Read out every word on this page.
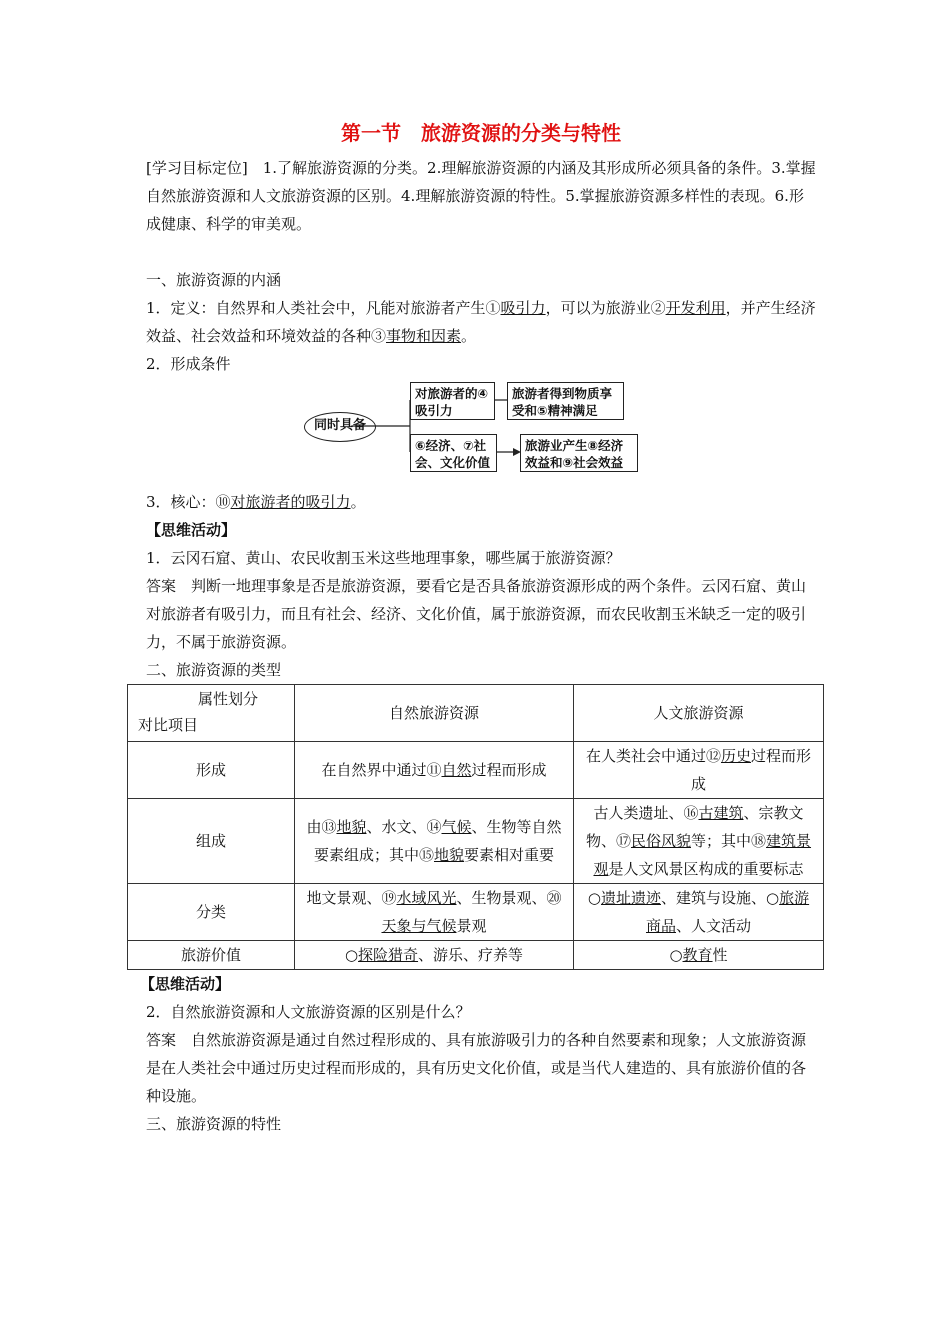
第一节　旅游资源的分类与特性

[学习目标定位]　1.了解旅游资源的分类。2.理解旅游资源的内涵及其形成所必须具备的条件。3.掌握自然旅游资源和人文旅游资源的区别。4.理解旅游资源的特性。5.掌握旅游资源多样性的表现。6.形成健康、科学的审美观。

一、旅游资源的内涵

1．定义：自然界和人类社会中，凡能对旅游者产生①吸引力，可以为旅游业②开发利用，并产生经济效益、社会效益和环境效益的各种③事物和因素。

2．形成条件

同时具备
对旅游者的④吸引力
旅游者得到物质享受和⑤精神满足
⑥经济、⑦社会、文化价值
旅游业产生⑧经济效益和⑨社会效益

3．核心：⑩对旅游者的吸引力。

【思维活动】

1．云冈石窟、黄山、农民收割玉米这些地理事象，哪些属于旅游资源？

答案　判断一地理事象是否是旅游资源，要看它是否具备旅游资源形成的两个条件。云冈石窟、黄山对旅游者有吸引力，而且有社会、经济、文化价值，属于旅游资源，而农民收割玉米缺乏一定的吸引力，不属于旅游资源。

二、旅游资源的类型

属性划分
对比项目	自然旅游资源	人文旅游资源
形成	在自然界中通过⑪自然过程而形成	在人类社会中通过⑫历史过程而形成
组成	由⑬地貌、水文、⑭气候、生物等自然要素组成；其中⑮地貌要素相对重要	古人类遗址、⑯古建筑、宗教文物、⑰民俗风貌等；其中⑱建筑景观是人文风景区构成的重要标志
分类	地文景观、⑲水域风光、生物景观、⑳天象与气候景观	○遗址遗迹、建筑与设施、○旅游商品、人文活动
旅游价值	○探险猎奇、游乐、疗养等	○教育性

【思维活动】

2．自然旅游资源和人文旅游资源的区别是什么？

答案　自然旅游资源是通过自然过程形成的、具有旅游吸引力的各种自然要素和现象；人文旅游资源是在人类社会中通过历史过程而形成的，具有历史文化价值，或是当代人建造的、具有旅游价值的各种设施。

三、旅游资源的特性
